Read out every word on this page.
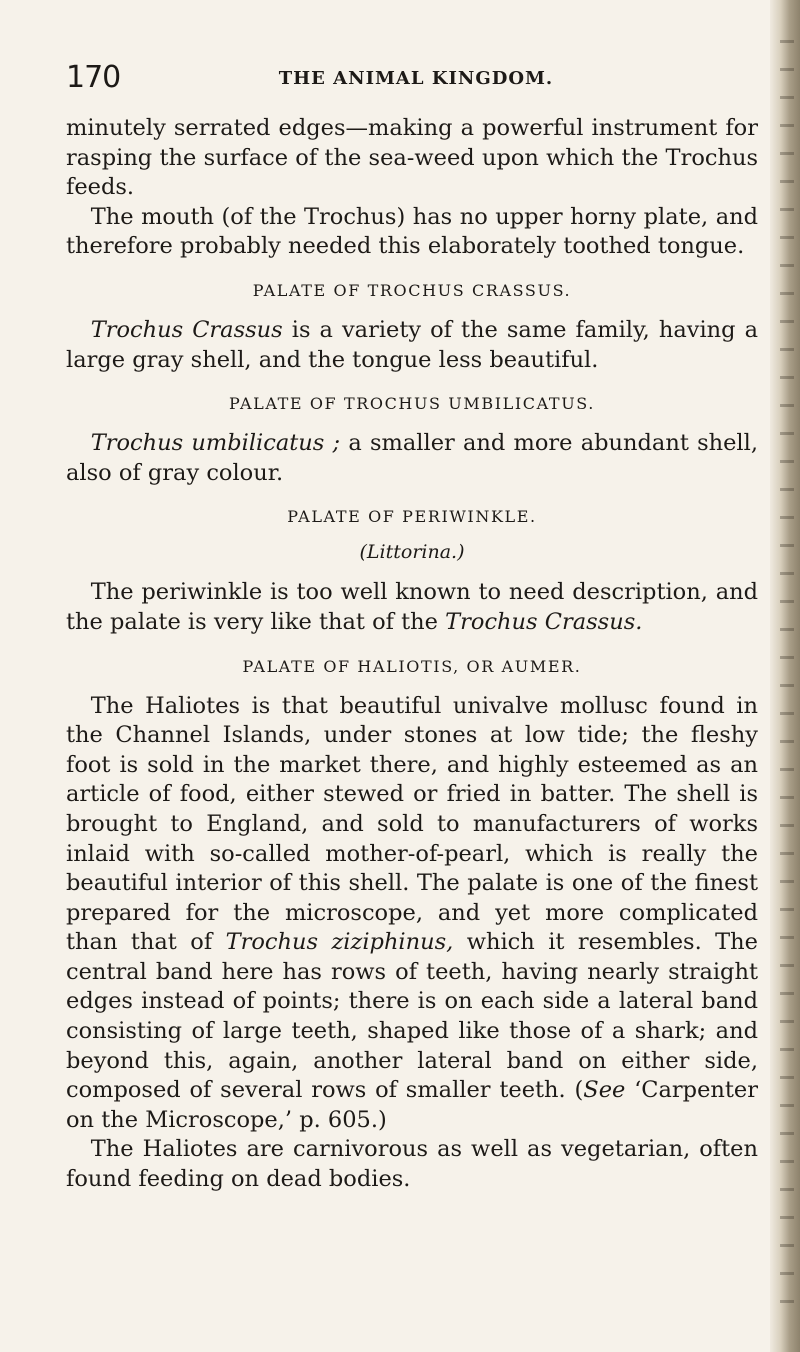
170	THE ANIMAL KINGDOM.

minutely serrated edges—making a powerful instrument for rasping the surface of the sea-weed upon which the Trochus feeds.

The mouth (of the Trochus) has no upper horny plate, and therefore probably needed this elaborately toothed tongue.

PALATE OF TROCHUS CRASSUS.

Trochus Crassus is a variety of the same family, having a large gray shell, and the tongue less beautiful.

PALATE OF TROCHUS UMBILICATUS.

Trochus umbilicatus ; a smaller and more abundant shell, also of gray colour.

PALATE OF PERIWINKLE.
(Littorina.)

The periwinkle is too well known to need description, and the palate is very like that of the Trochus Crassus.

PALATE OF HALIOTIS, OR AUMER.

The Haliotes is that beautiful univalve mollusc found in the Channel Islands, under stones at low tide; the fleshy foot is sold in the market there, and highly esteemed as an article of food, either stewed or fried in batter. The shell is brought to England, and sold to manufacturers of works inlaid with so-called mother-of-pearl, which is really the beautiful interior of this shell. The palate is one of the finest prepared for the microscope, and yet more complicated than that of Trochus ziziphinus, which it resembles. The central band here has rows of teeth, having nearly straight edges instead of points; there is on each side a lateral band consisting of large teeth, shaped like those of a shark; and beyond this, again, another lateral band on either side, composed of several rows of smaller teeth. (See ‘Carpenter on the Microscope,’ p. 605.)

The Haliotes are carnivorous as well as vegetarian, often found feeding on dead bodies.
